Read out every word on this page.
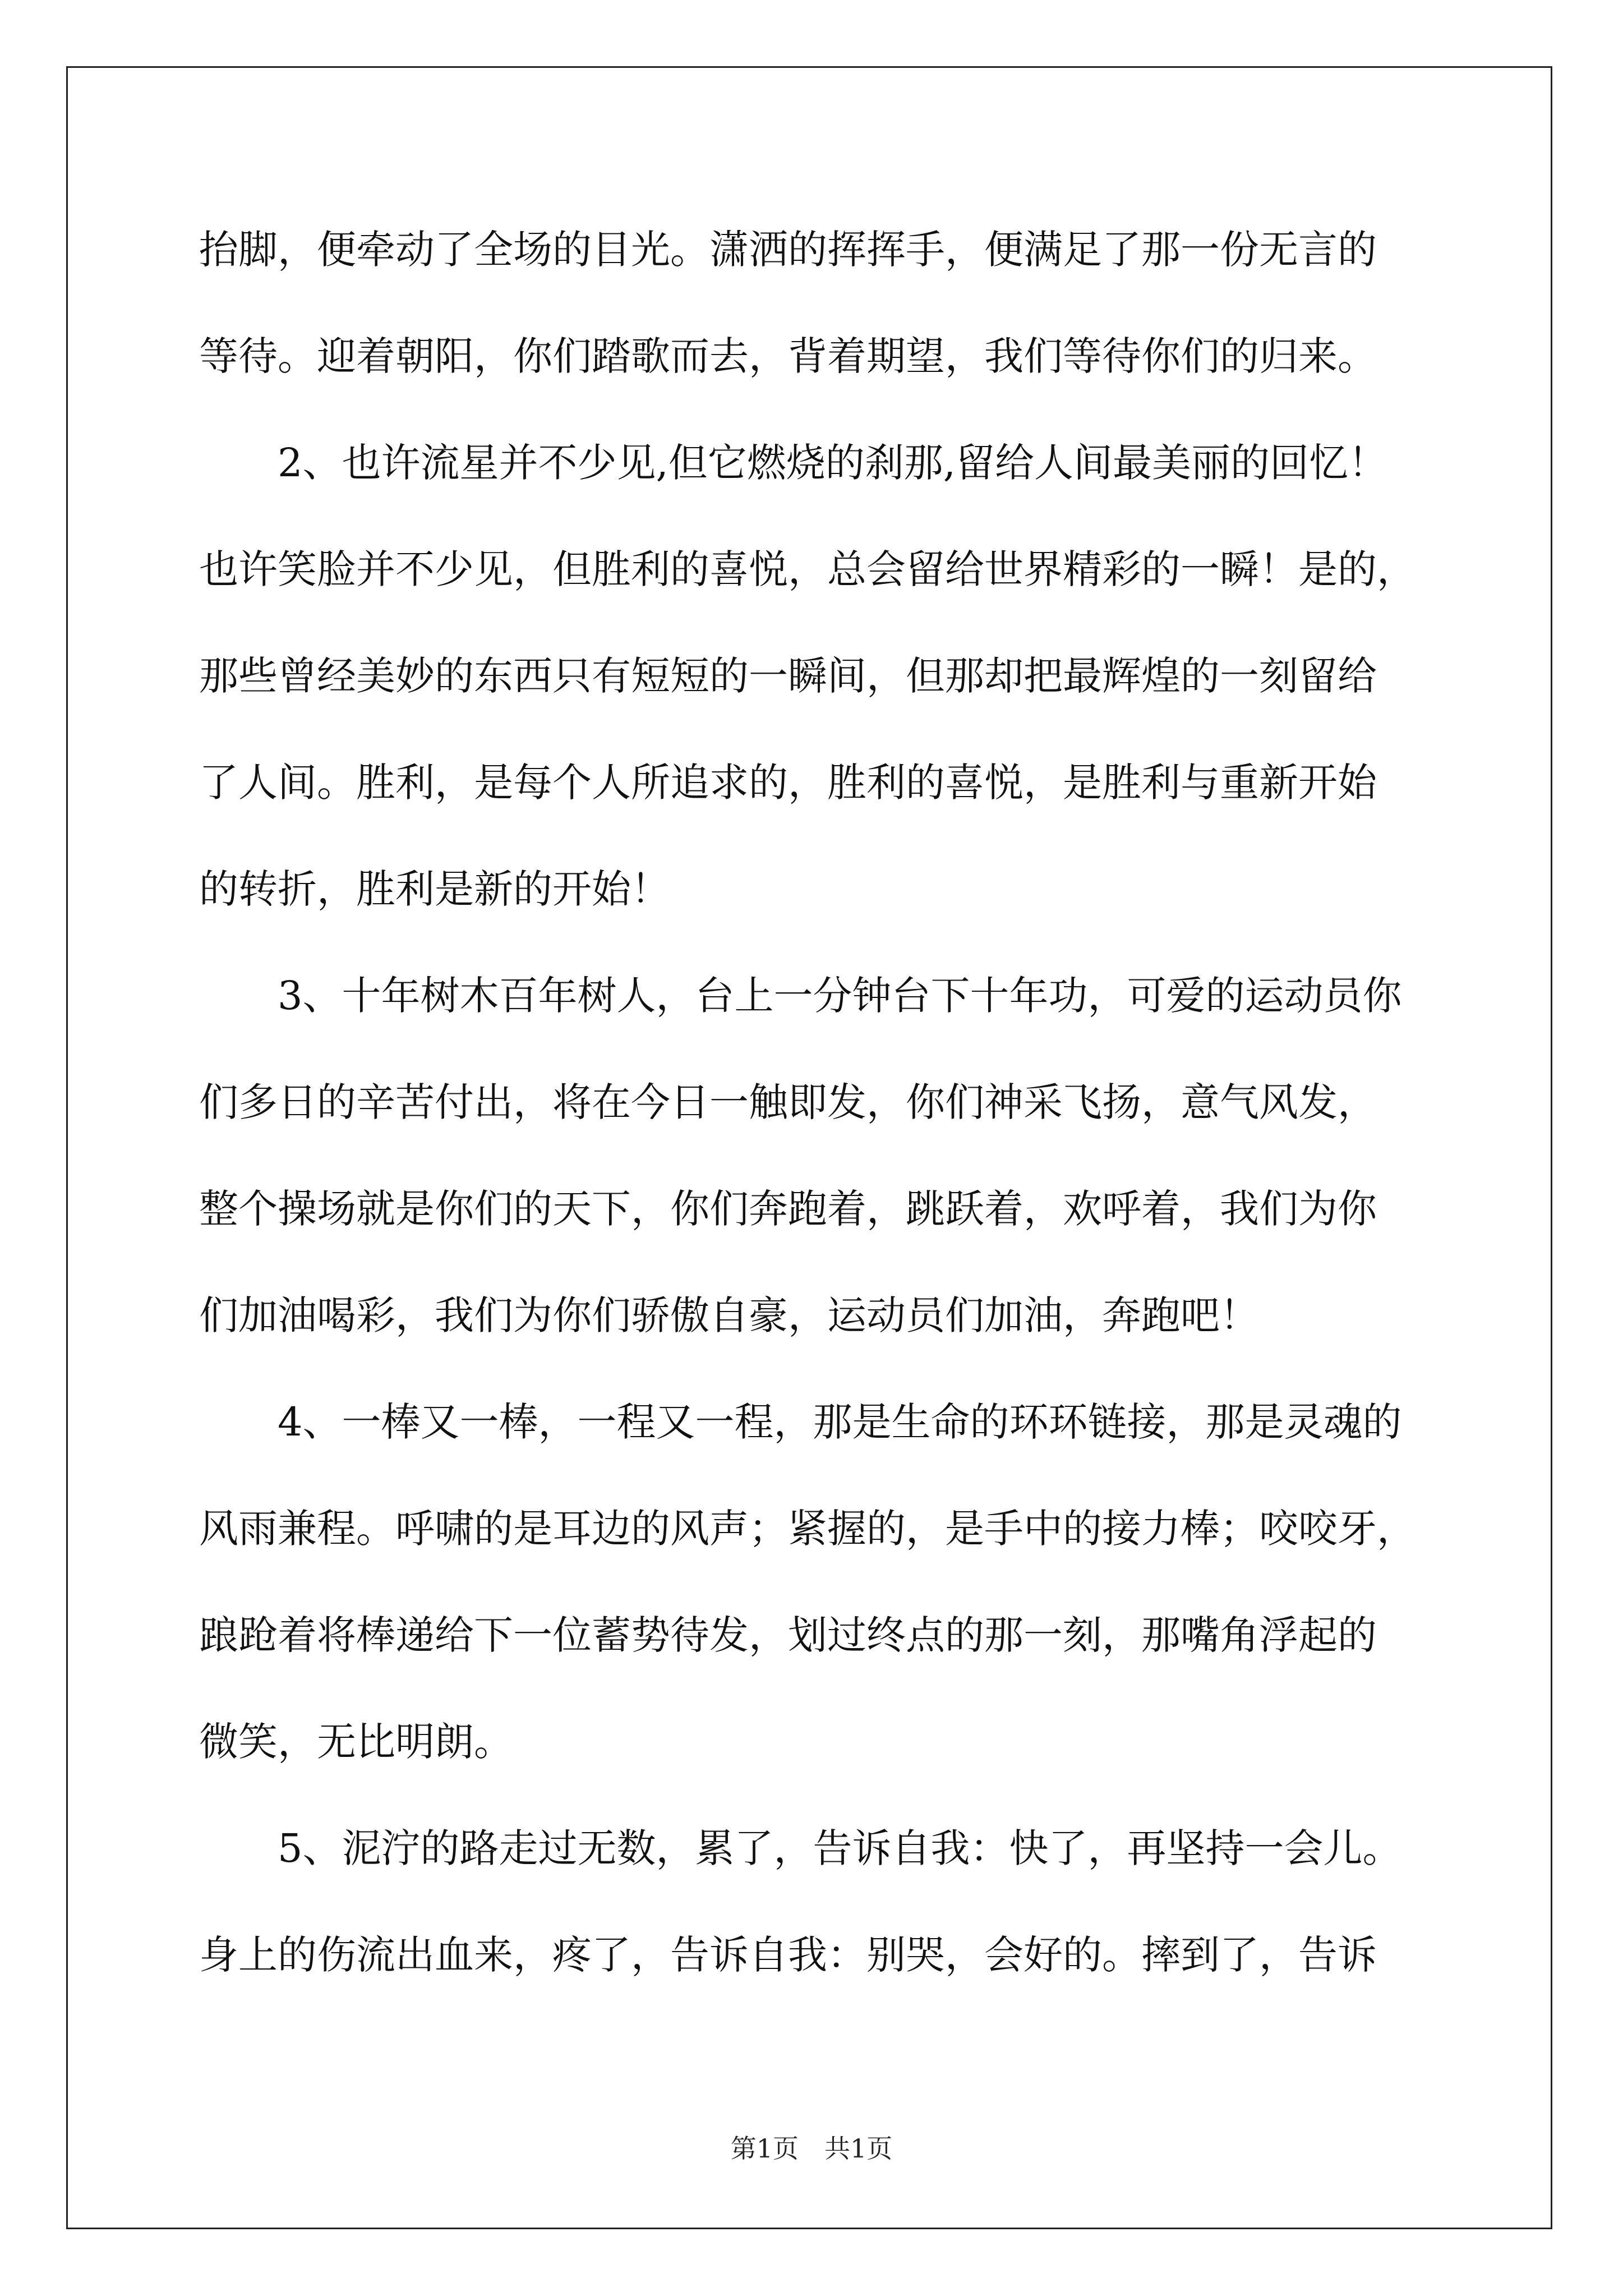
抬脚，便牵动了全场的目光。潇洒的挥挥手，便满足了那一份无言的
等待。迎着朝阳，你们踏歌而去，背着期望，我们等待你们的归来。
2、也许流星并不少见,但它燃烧的刹那,留给人间最美丽的回忆！
也许笑脸并不少见，但胜利的喜悦，总会留给世界精彩的一瞬！是的，
那些曾经美妙的东西只有短短的一瞬间，但那却把最辉煌的一刻留给
了人间。胜利，是每个人所追求的，胜利的喜悦，是胜利与重新开始
的转折，胜利是新的开始！
3、十年树木百年树人，台上一分钟台下十年功，可爱的运动员你
们多日的辛苦付出，将在今日一触即发，你们神采飞扬，意气风发，
整个操场就是你们的天下，你们奔跑着，跳跃着，欢呼着，我们为你
们加油喝彩，我们为你们骄傲自豪，运动员们加油，奔跑吧！
4、一棒又一棒，一程又一程，那是生命的环环链接，那是灵魂的
风雨兼程。呼啸的是耳边的风声；紧握的，是手中的接力棒；咬咬牙，
踉跄着将棒递给下一位蓄势待发，划过终点的那一刻，那嘴角浮起的
微笑，无比明朗。
5、泥泞的路走过无数，累了，告诉自我：快了，再坚持一会儿。
身上的伤流出血来，疼了，告诉自我：别哭，会好的。摔到了，告诉
第1页　共1页
